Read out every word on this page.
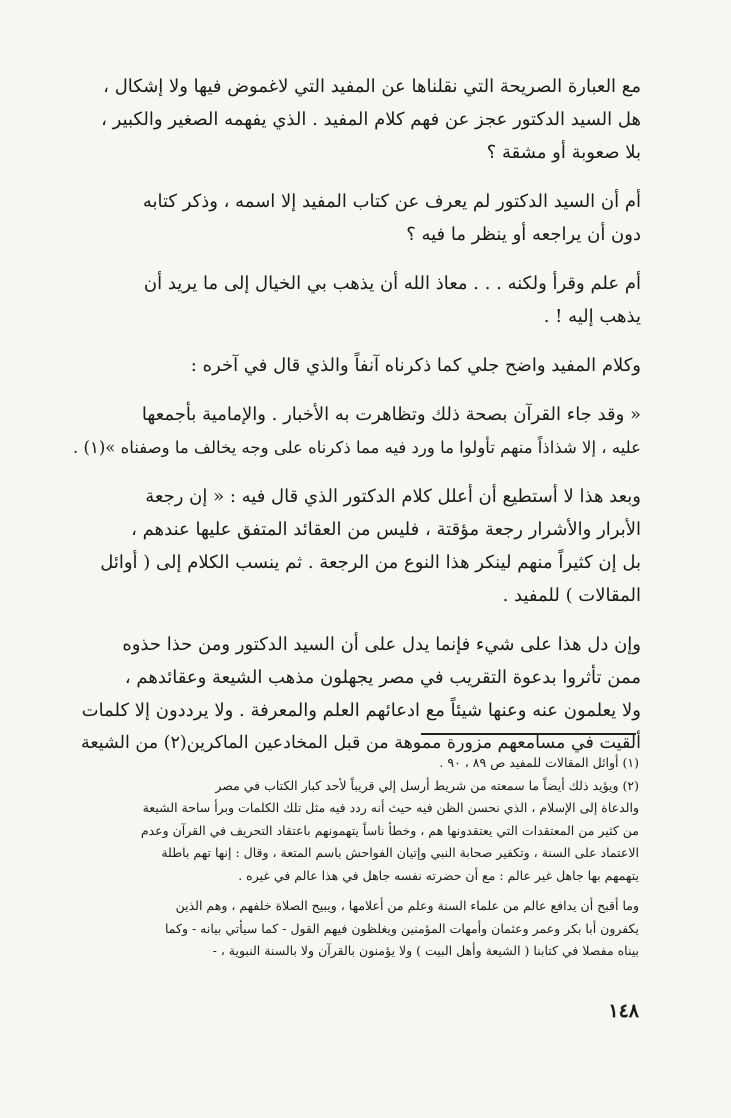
مع العبارة الصريحة التي نقلناها عن المفيد التي لاغموض فيها ولا إشكال ،
هل السيد الدكتور عجز عن فهم كلام المفيد . الذي يفهمه الصغير والكبير ،
بلا صعوبة أو مشقة ؟

أم أن السيد الدكتور لم يعرف عن كتاب المفيد إلا اسمه ، وذكر كتابه
دون أن يراجعه أو ينظر ما فيه ؟

أم علم وقرأ ولكنه . . . معاذ الله أن يذهب بي الخيال إلى ما يريد أن
يذهب إليه ! .

وكلام المفيد واضح جلي كما ذكرناه آنفاً والذي قال في آخره :

« وقد جاء القرآن بصحة ذلك وتظاهرت به الأخبار . والإمامية بأجمعها
عليه ، إلا شذاذاً منهم تأولوا ما ورد فيه مما ذكرناه على وجه يخالف ما وصفناه »(١) .

وبعد هذا لا أستطيع أن أعلل كلام الدكتور الذي قال فيه : « إن رجعة
الأبرار والأشرار رجعة مؤقتة ، فليس من العقائد المتفق عليها عندهم ،
بل إن كثيراً منهم لينكر هذا النوع من الرجعة . ثم ينسب الكلام إلى ( أوائل
المقالات ) للمفيد .

وإن دل هذا على شيء فإنما يدل على أن السيد الدكتور ومن حذا حذوه
ممن تأثروا بدعوة التقريب في مصر يجهلون مذهب الشيعة وعقائدهم ،
ولا يعلمون عنه وعنها شيئاً مع ادعائهم العلم والمعرفة . ولا يرددون إلا كلمات
ألقيت في مسامعهم مزورة مموهة من قبل المخادعين الماكرين(٢) من الشيعة

(١) أوائل المقالات للمفيد ص ٨٩ ، ٩٠ .
(٢) ويؤيد ذلك أيضاً ما سمعته من شريط أرسل إلي قريباً لأحد كبار الكتاب في مصر
والدعاة إلى الإسلام ، الذي نحسن الظن فيه حيث أنه ردد فيه مثل تلك الكلمات وبرأ ساحة الشيعة
من كثير من المعتقدات التي يعتقدونها هم ، وخطأ ناساً يتهمونهم باعتقاد التحريف في القرآن وعدم
الاعتماد على السنة ، وتكفير صحابة النبي وإتيان الفواحش باسم المتعة ، وقال : إنها تهم باطلة
يتهمهم بها جاهل غير عالم : مع أن حضرته نفسه جاهل في هذا عالم في غيره .
وما أقبح أن يدافع عالم من علماء السنة وعلم من أعلامها ، ويبيح الصلاة خلفهم ، وهم الذين
يكفرون أبا بكر وعمر وعثمان وأمهات المؤمنين ويغلظون فيهم القول - كما سيأتي بيانه - وكما
بيناه مفصلا في كتابنا ( الشيعة وأهل البيت ) ولا يؤمنون بالقرآن ولا بالسنة النبوية ، -
١٤٨
